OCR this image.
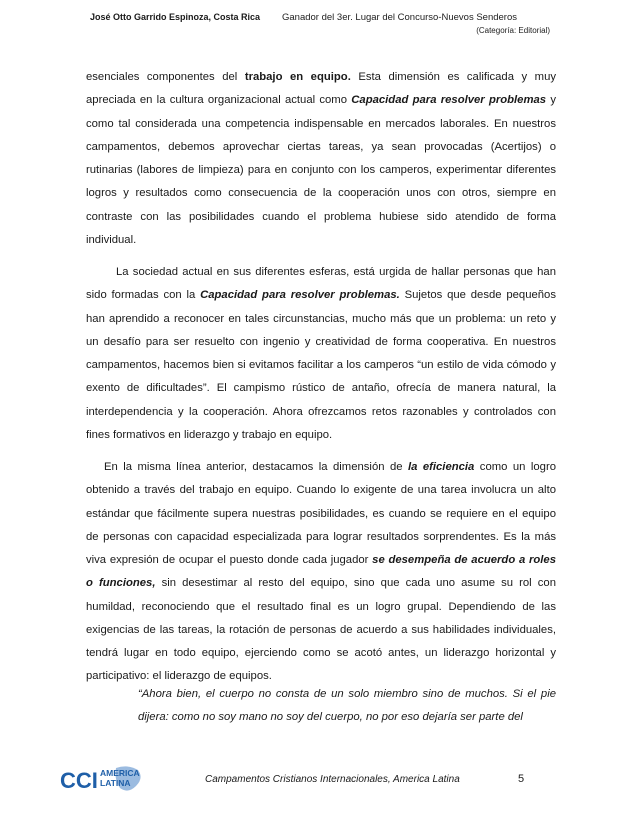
José Otto Garrido Espinoza, Costa Rica Ganador del 3er. Lugar del Concurso-Nuevos Senderos
(Categoría: Editorial)

esenciales componentes del trabajo en equipo. Esta dimensión es calificada y muy apreciada en la cultura organizacional actual como Capacidad para resolver problemas y como tal considerada una competencia indispensable en mercados laborales. En nuestros campamentos, debemos aprovechar ciertas tareas, ya sean provocadas (Acertijos) o rutinarias (labores de limpieza) para en conjunto con los camperos, experimentar diferentes logros y resultados como consecuencia de la cooperación unos con otros, siempre en contraste con las posibilidades cuando el problema hubiese sido atendido de forma individual.

La sociedad actual en sus diferentes esferas, está urgida de hallar personas que han sido formadas con la Capacidad para resolver problemas. Sujetos que desde pequeños han aprendido a reconocer en tales circunstancias, mucho más que un problema: un reto y un desafío para ser resuelto con ingenio y creatividad de forma cooperativa. En nuestros campamentos, hacemos bien si evitamos facilitar a los camperos “un estilo de vida cómodo y exento de dificultades”. El campismo rústico de antaño, ofrecía de manera natural, la interdependencia y la cooperación. Ahora ofrezcamos retos razonables y controlados con fines formativos en liderazgo y trabajo en equipo.

En la misma línea anterior, destacamos la dimensión de la eficiencia como un logro obtenido a través del trabajo en equipo. Cuando lo exigente de una tarea involucra un alto estándar que fácilmente supera nuestras posibilidades, es cuando se requiere en el equipo de personas con capacidad especializada para lograr resultados sorprendentes. Es la más viva expresión de ocupar el puesto donde cada jugador se desempeña de acuerdo a roles o funciones, sin desestimar al resto del equipo, sino que cada uno asume su rol con humildad, reconociendo que el resultado final es un logro grupal. Dependiendo de las exigencias de las tareas, la rotación de personas de acuerdo a sus habilidades individuales, tendrá lugar en todo equipo, ejerciendo como se acotó antes, un liderazgo horizontal y participativo: el liderazgo de equipos.

“Ahora bien, el cuerpo no consta de un solo miembro sino de muchos. Si el pie dijera: como no soy mano no soy del cuerpo, no por eso dejaría ser parte del
CCI AMERICA
LATINA	Campamentos Cristianos Internacionales, America Latina	5
